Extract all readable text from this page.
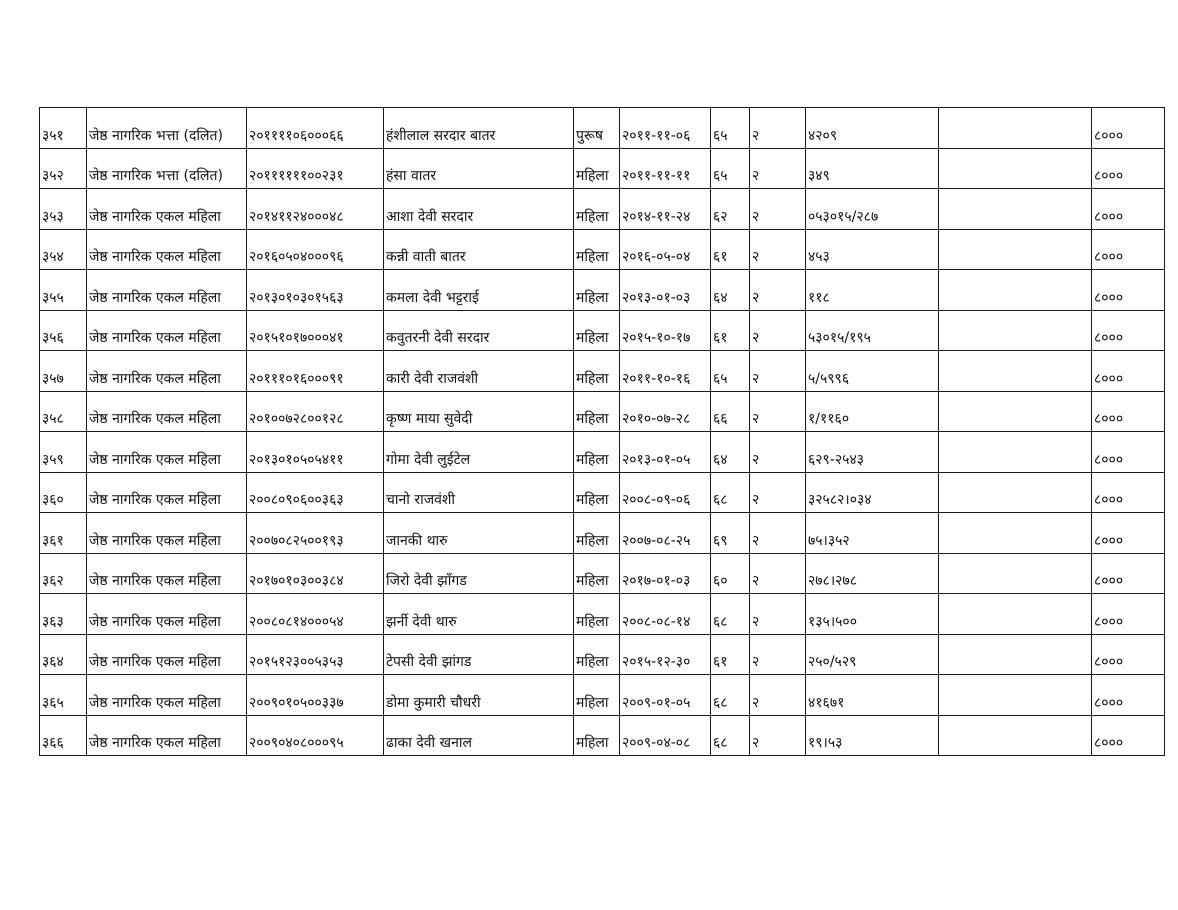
३५१	जेष्ठ नागरिक भत्ता (दलित)	२०११११०६०००६६	हंशीलाल सरदार बातर	पुरूष	२०११-११-०६	६५	२	४२०९		८०००
३५२	जेष्ठ नागरिक भत्ता (दलित)	२०११११११००२३१	हंसा वातर	महिला	२०११-११-११	६५	२	३४९		८०००
३५३	जेष्ठ नागरिक एकल महिला	२०१४११२४०००४८	आशा देवी सरदार	महिला	२०१४-११-२४	६२	२	०५३०१५/२८७		८०००
३५४	जेष्ठ नागरिक एकल महिला	२०१६०५०४०००९६	कन्नी वाती बातर	महिला	२०१६-०५-०४	६१	२	४५३		८०००
३५५	जेष्ठ नागरिक एकल महिला	२०१३०१०३०१५६३	कमला देवी भट्टराई	महिला	२०१३-०१-०३	६४	२	११८		८०००
३५६	जेष्ठ नागरिक एकल महिला	२०१५१०१७०००४१	कवुतरनी देवी सरदार	महिला	२०१५-१०-१७	६१	२	५३०१५/१९५		८०००
३५७	जेष्ठ नागरिक एकल महिला	२०१११०१६०००९१	कारी देवी राजवंशी	महिला	२०११-१०-१६	६५	२	५/५९९६		८०००
३५८	जेष्ठ नागरिक एकल महिला	२०१००७२८००१२८	कृष्ण माया सुवेदी	महिला	२०१०-०७-२८	६६	२	१/११६०		८०००
३५९	जेष्ठ नागरिक एकल महिला	२०१३०१०५०५४११	गोमा देवी लुईटेल	महिला	२०१३-०१-०५	६४	२	६२९-२५४३		८०००
३६०	जेष्ठ नागरिक एकल महिला	२००८०९०६००३६३	चानो राजवंशी	महिला	२००८-०९-०६	६८	२	३२५८२।०३४		८०००
३६१	जेष्ठ नागरिक एकल महिला	२००७०८२५००१९३	जानकी थारु	महिला	२००७-०८-२५	६९	२	७५।३५२		८०००
३६२	जेष्ठ नागरिक एकल महिला	२०१७०१०३००३८४	जिरो देवी झाँगड	महिला	२०१७-०१-०३	६०	२	२७८।२७८		८०००
३६३	जेष्ठ नागरिक एकल महिला	२००८०८१४०००५४	झर्नी देवी थारु	महिला	२००८-०८-१४	६८	२	१३५।५००		८०००
३६४	जेष्ठ नागरिक एकल महिला	२०१५१२३००५३५३	टेपसी देवी झांगड	महिला	२०१५-१२-३०	६१	२	२५०/५२९		८०००
३६५	जेष्ठ नागरिक एकल महिला	२००९०१०५००३३७	डोमा कुमारी चौधरी	महिला	२००९-०१-०५	६८	२	४१६७१		८०००
३६६	जेष्ठ नागरिक एकल महिला	२००९०४०८०००९५	ढाका देवी खनाल	महिला	२००९-०४-०८	६८	२	१९।५३		८०००
